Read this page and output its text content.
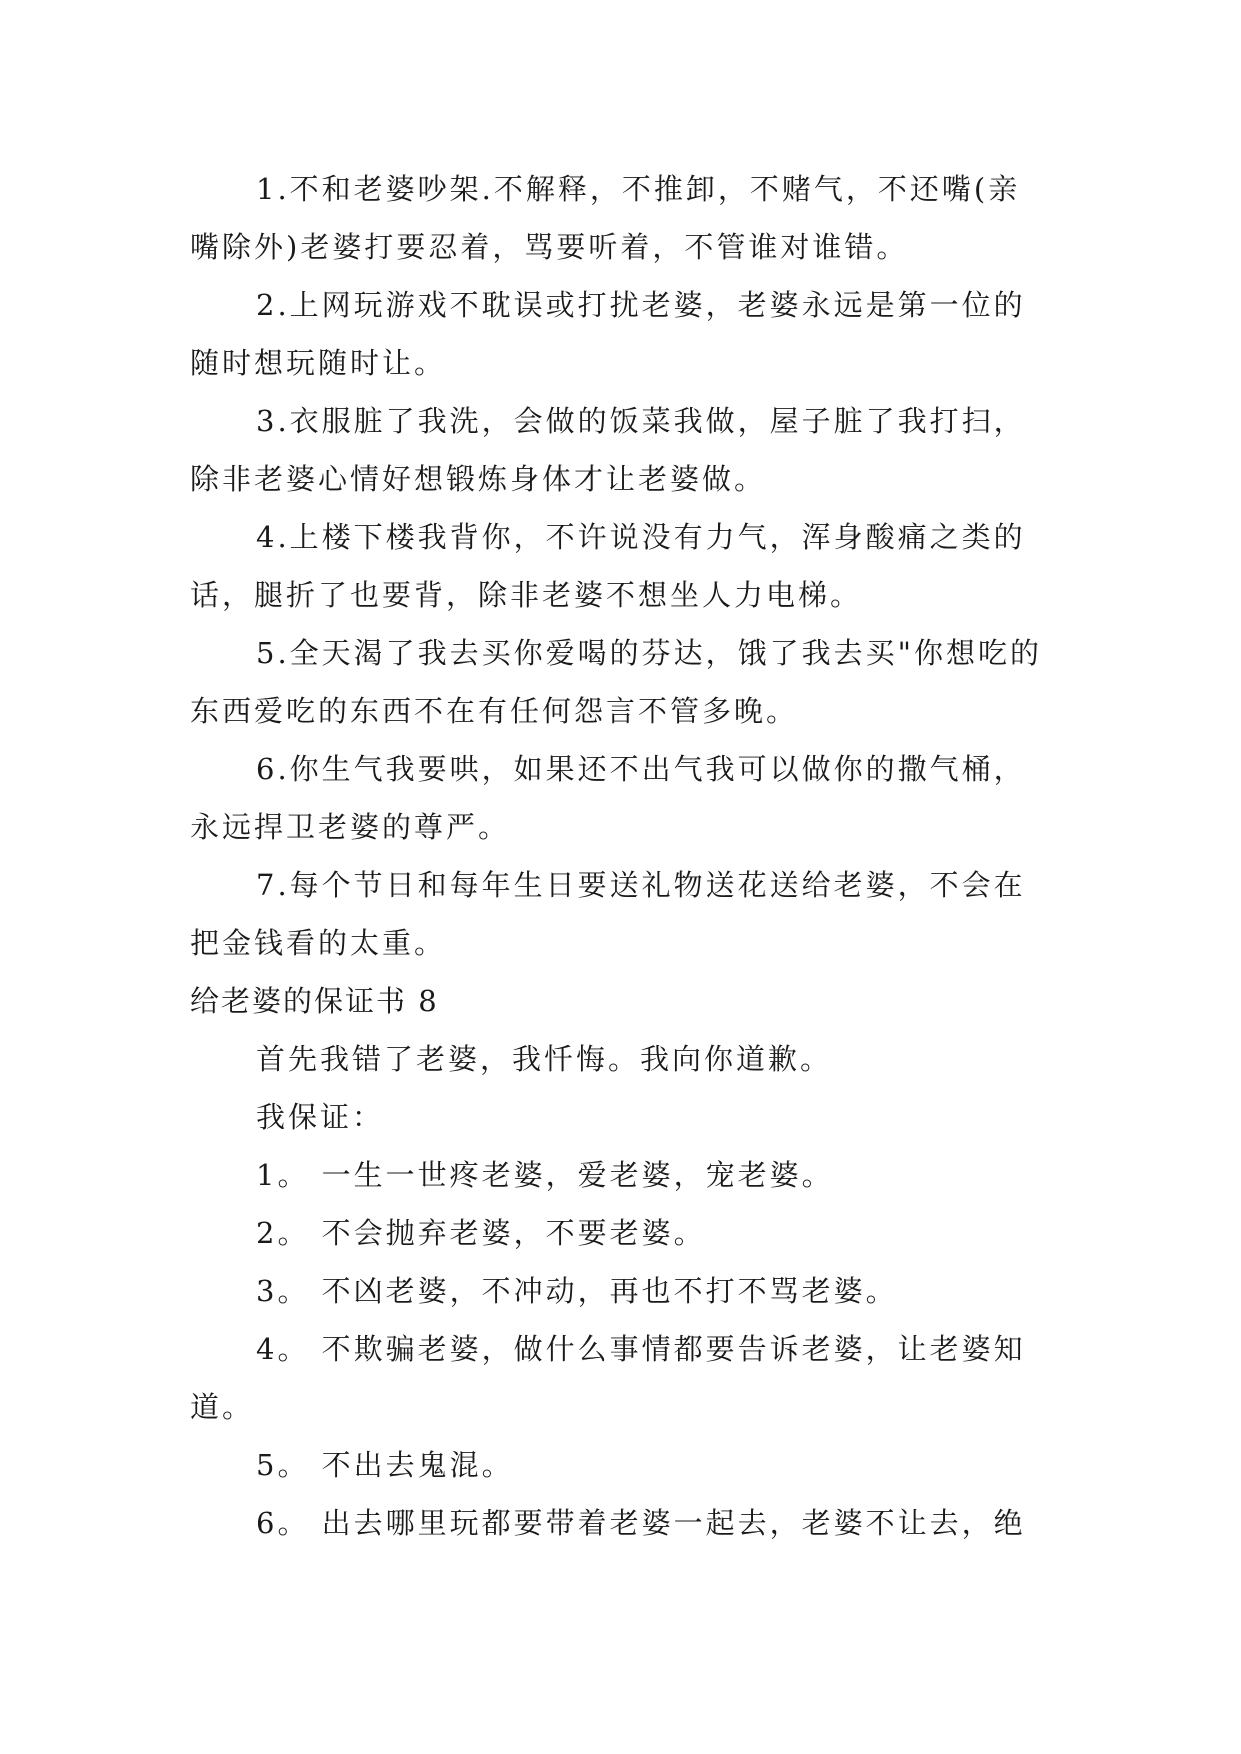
1.不和老婆吵架.不解释，不推卸，不赌气，不还嘴(亲嘴除外)老婆打要忍着，骂要听着，不管谁对谁错。

2.上网玩游戏不耽误或打扰老婆，老婆永远是第一位的随时想玩随时让。

3.衣服脏了我洗，会做的饭菜我做，屋子脏了我打扫，除非老婆心情好想锻炼身体才让老婆做。

4.上楼下楼我背你，不许说没有力气，浑身酸痛之类的话，腿折了也要背，除非老婆不想坐人力电梯。

5.全天渴了我去买你爱喝的芬达，饿了我去买"你想吃的东西爱吃的东西不在有任何怨言不管多晚。

6.你生气我要哄，如果还不出气我可以做你的撒气桶，永远捍卫老婆的尊严。

7.每个节日和每年生日要送礼物送花送给老婆，不会在把金钱看的太重。

给老婆的保证书 8

首先我错了老婆，我忏悔。我向你道歉。

我保证：

1。 一生一世疼老婆，爱老婆，宠老婆。

2。 不会抛弃老婆，不要老婆。

3。 不凶老婆，不冲动，再也不打不骂老婆。

4。 不欺骗老婆，做什么事情都要告诉老婆，让老婆知道。

5。 不出去鬼混。

6。 出去哪里玩都要带着老婆一起去，老婆不让去，绝
